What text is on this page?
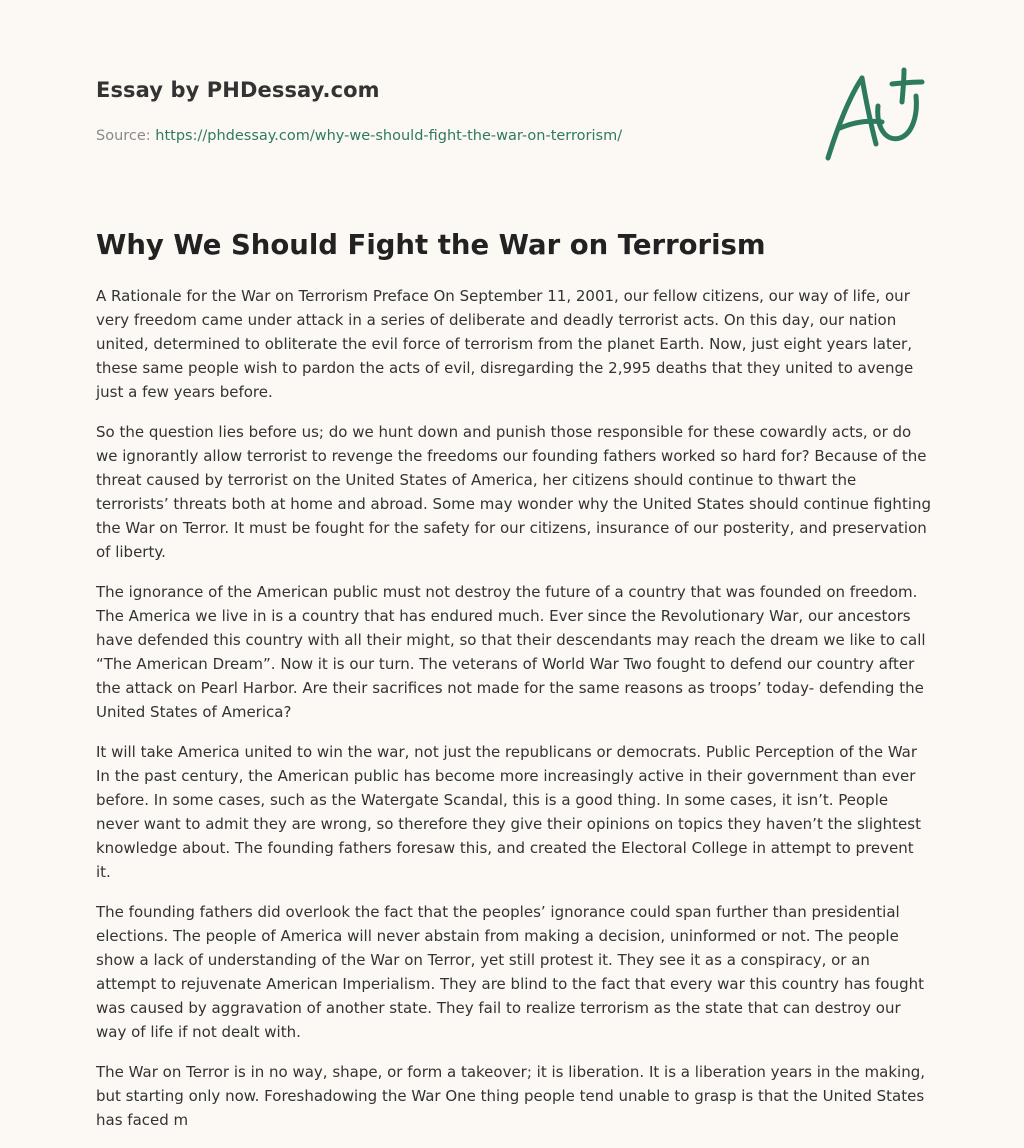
Essay by PHDessay.com
Source: https://phdessay.com/why-we-should-fight-the-war-on-terrorism/
Why We Should Fight the War on Terrorism

A Rationale for the War on Terrorism Preface On September 11, 2001, our fellow citizens, our way of life, our very freedom came under attack in a series of deliberate and deadly terrorist acts. On this day, our nation united, determined to obliterate the evil force of terrorism from the planet Earth. Now, just eight years later, these same people wish to pardon the acts of evil, disregarding the 2,995 deaths that they united to avenge just a few years before.

So the question lies before us; do we hunt down and punish those responsible for these cowardly acts, or do we ignorantly allow terrorist to revenge the freedoms our founding fathers worked so hard for? Because of the threat caused by terrorist on the United States of America, her citizens should continue to thwart the terrorists’ threats both at home and abroad. Some may wonder why the United States should continue fighting the War on Terror. It must be fought for the safety for our citizens, insurance of our posterity, and preservation of liberty.

The ignorance of the American public must not destroy the future of a country that was founded on freedom. The America we live in is a country that has endured much. Ever since the Revolutionary War, our ancestors have defended this country with all their might, so that their descendants may reach the dream we like to call “The American Dream”. Now it is our turn. The veterans of World War Two fought to defend our country after the attack on Pearl Harbor. Are their sacrifices not made for the same reasons as troops’ today- defending the United States of America?

It will take America united to win the war, not just the republicans or democrats. Public Perception of the War In the past century, the American public has become more increasingly active in their government than ever before. In some cases, such as the Watergate Scandal, this is a good thing. In some cases, it isn’t. People never want to admit they are wrong, so therefore they give their opinions on topics they haven’t the slightest knowledge about. The founding fathers foresaw this, and created the Electoral College in attempt to prevent it.

The founding fathers did overlook the fact that the peoples’ ignorance could span further than presidential elections. The people of America will never abstain from making a decision, uninformed or not. The people show a lack of understanding of the War on Terror, yet still protest it. They see it as a conspiracy, or an attempt to rejuvenate American Imperialism. They are blind to the fact that every war this country has fought was caused by aggravation of another state. They fail to realize terrorism as the state that can destroy our way of life if not dealt with.

The War on Terror is in no way, shape, or form a takeover; it is liberation. It is a liberation years in the making, but starting only now. Foreshadowing the War One thing people tend unable to grasp is that the United States has faced m
